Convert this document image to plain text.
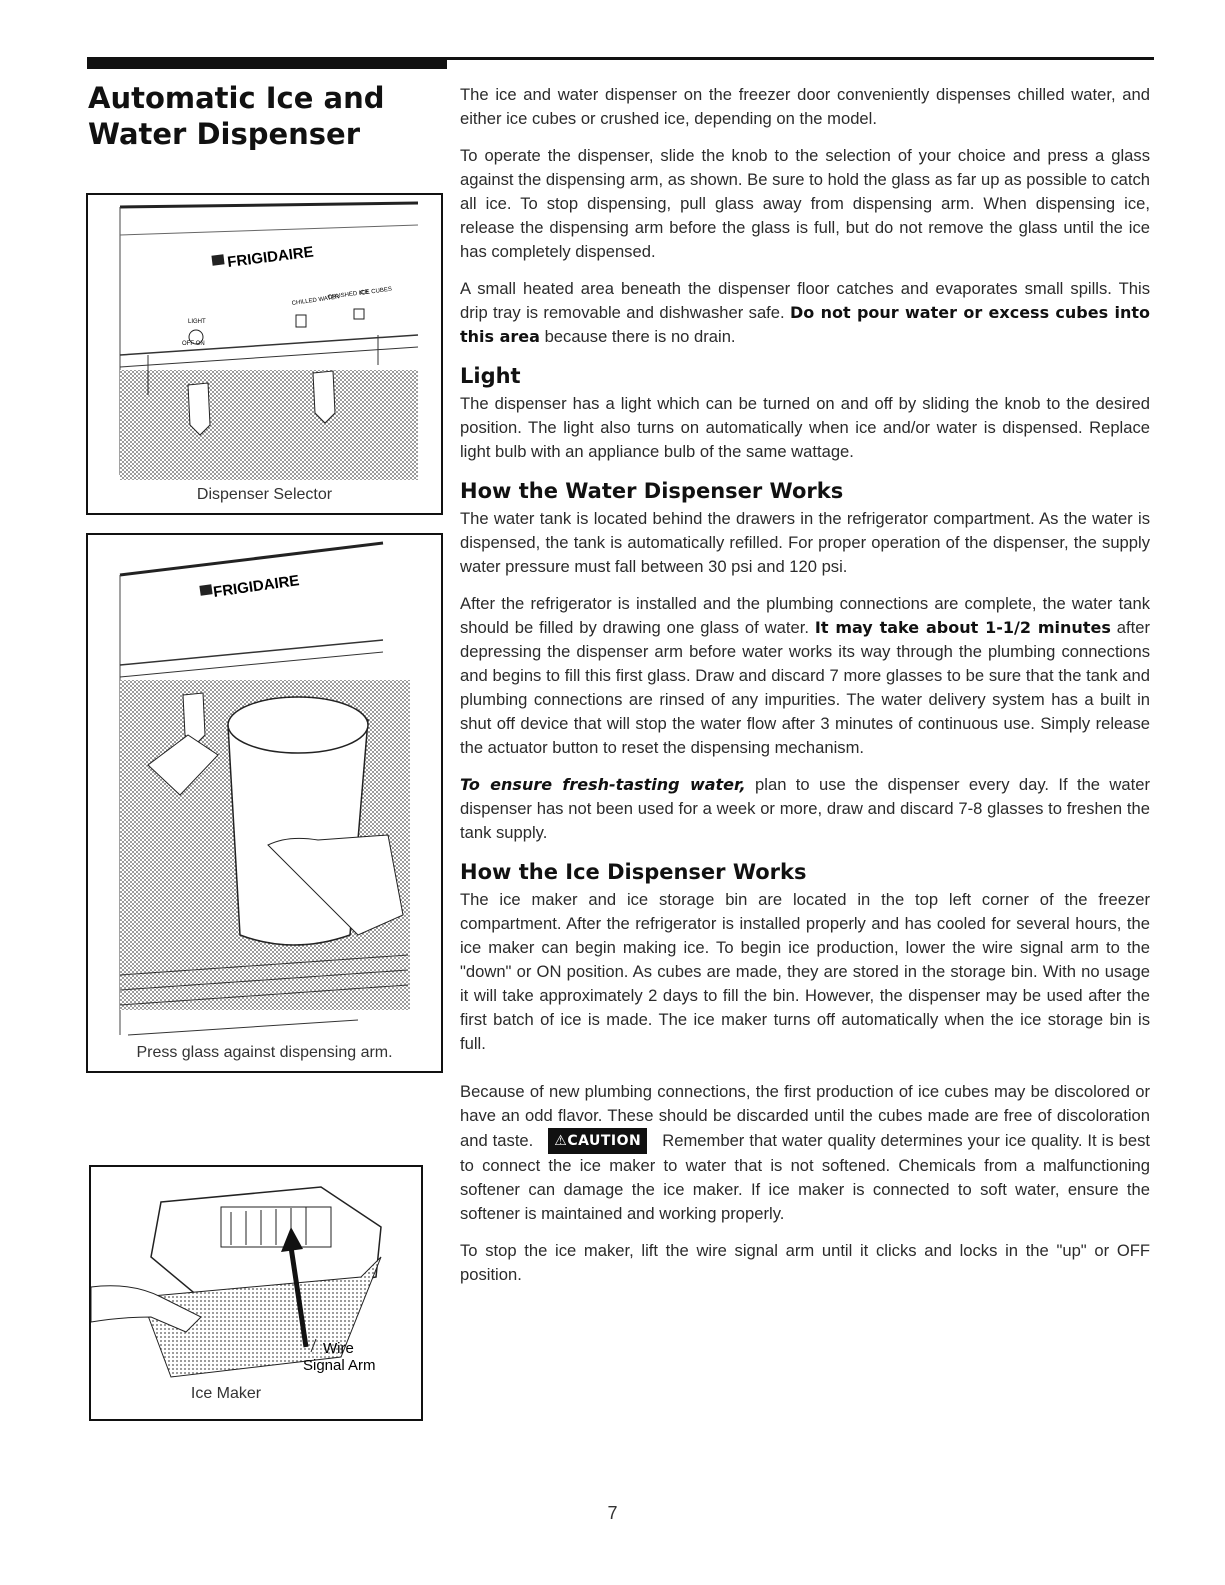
Automatic Ice and
Water Dispenser
FRIGIDAIRE
CHILLED WATER
CRUSHED ICE
ICE CUBES
LIGHT
OFF ON
Dispenser Selector
FRIGIDAIRE
Press glass against dispensing arm.
Wire
Signal Arm
Ice Maker

The ice and water dispenser on the freezer door conveniently dispenses chilled water, and either ice cubes or crushed ice, depending on the model.

To operate the dispenser, slide the knob to the selection of your choice and press a glass against the dispensing arm, as shown. Be sure to hold the glass as far up as possible to catch all ice. To stop dispensing, pull glass away from dispensing arm. When dispensing ice, release the dispensing arm before the glass is full, but do not remove the glass until the ice has completely dispensed.

A small heated area beneath the dispenser floor catches and evaporates small spills. This drip tray is removable and dishwasher safe. Do not pour water or excess cubes into this area because there is no drain.

Light

The dispenser has a light which can be turned on and off by sliding the knob to the desired position. The light also turns on automatically when ice and/or water is dispensed. Replace light bulb with an appliance bulb of the same wattage.

How the Water Dispenser Works

The water tank is located behind the drawers in the refrigerator compartment. As the water is dispensed, the tank is automatically refilled. For proper operation of the dispenser, the supply water pressure must fall between 30 psi and 120 psi.

After the refrigerator is installed and the plumbing connections are complete, the water tank should be filled by drawing one glass of water. It may take about 1-1/2 minutes after depressing the dispenser arm before water works its way through the plumbing connections and begins to fill this first glass. Draw and discard 7 more glasses to be sure that the tank and plumbing connections are rinsed of any impurities. The water delivery system has a built in shut off device that will stop the water flow after 3 minutes of continuous use. Simply release the actuator button to reset the dispensing mechanism.

To ensure fresh-tasting water, plan to use the dispenser every day. If the water dispenser has not been used for a week or more, draw and discard 7-8 glasses to freshen the tank supply.

How the Ice Dispenser Works

The ice maker and ice storage bin are located in the top left corner of the freezer compartment. After the refrigerator is installed properly and has cooled for several hours, the ice maker can begin making ice. To begin ice production, lower the wire signal arm to the "down" or ON position. As cubes are made, they are stored in the storage bin. With no usage it will take approximately 2 days to fill the bin. However, the dispenser may be used after the first batch of ice is made. The ice maker turns off automatically when the ice storage bin is full.

Because of new plumbing connections, the first production of ice cubes may be discolored or have an odd flavor. These should be discarded until the cubes made are free of discoloration and taste. ⚠CAUTION Remember that water quality determines your ice quality. It is best to connect the ice maker to water that is not softened. Chemicals from a malfunctioning softener can damage the ice maker. If ice maker is connected to soft water, ensure the softener is maintained and working properly.

To stop the ice maker, lift the wire signal arm until it clicks and locks in the "up" or OFF position.

7
